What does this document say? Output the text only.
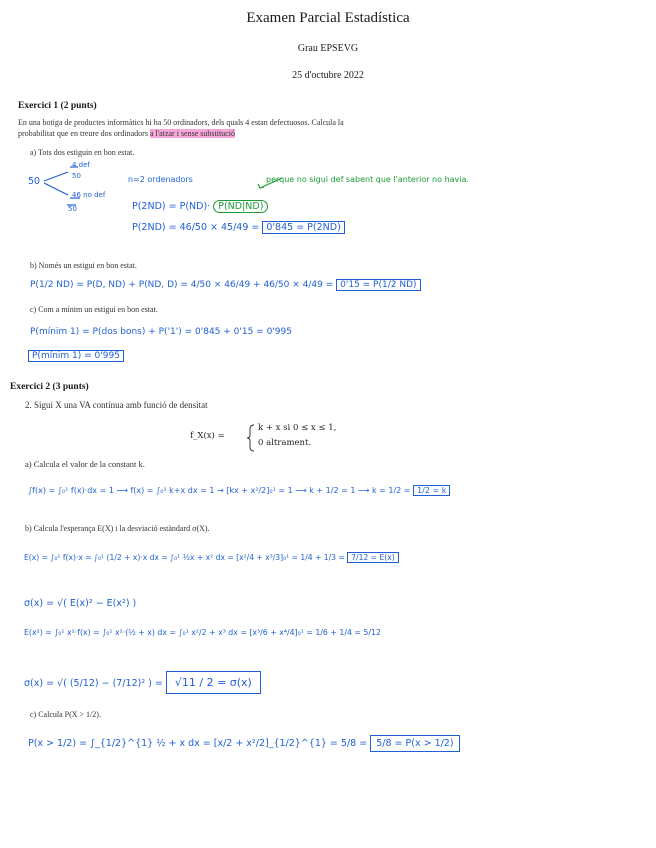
Examen Parcial Estadística
Grau EPSEVG
25 d'octubre 2022
Exercici 1 (2 punts)
En una botiga de productes informàtics hi ha 50 ordinadors, dels quals 4 estan defectuosos. Calcula la
probabilitat que en treure dos ordinadors a l'atzar i sense substitució
a) Tots dos estiguin en bon estat.
50
4 def
50
46 no def
50
n=2 ordenadors	perque no sigui def sabent que l'anterior no havia.
P(2ND) = P(ND)· P(ND|ND)
P(2ND) = 46/50 × 45/49 = 0'845 = P(2ND)
b) Només un estigui en bon estat.
P(1/2 ND) = P(D, ND) + P(ND, D) = 4/50 × 46/49 + 46/50 × 4/49 = 0'15 = P(1/2 ND)
c) Com a mínim un estigui en bon estat.
P(mínim 1) = P(dos bons) + P('1') = 0'845 + 0'15 = 0'995
P(mínim 1) = 0'995
Exercici 2 (3 punts)
2. Sigui X una VA contínua amb funció de densitat
f_X(x) =
k + x si 0 ≤ x ≤ 1,
0 altrament.
a) Calcula el valor de la constant k.
∫f(x) = ∫₀¹ f(x)·dx = 1 ⟶ f(x) = ∫₀¹ k+x dx = 1 → [kx + x²/2]₀¹ = 1 ⟶ k + 1/2 = 1 ⟶ k = 1/2 = 1/2 = k
b) Calcula l'esperança E(X) i la desviació estàndard σ(X).
E(x) = ∫₀¹ f(x)·x = ∫₀¹ (1/2 + x)·x dx = ∫₀¹ ½x + x² dx = [x²/4 + x³/3]₀¹ = 1/4 + 1/3 = 7/12 = E(x)
σ(x) = √( E(x)² − E(x²) )
E(x²) = ∫₀¹ x²·f(x) = ∫₀¹ x²·(½ + x) dx = ∫₀¹ x²/2 + x³ dx = [x³/6 + x⁴/4]₀¹ = 1/6 + 1/4 = 5/12
σ(x) = √( (5/12) − (7/12)² ) = √11 / 2 = σ(x)
c) Calcula P(X > 1/2).
P(x > 1/2) = ∫_{1/2}^{1} ½ + x dx = [x/2 + x²/2]_{1/2}^{1} = 5/8 = 5/8 = P(x > 1/2)
